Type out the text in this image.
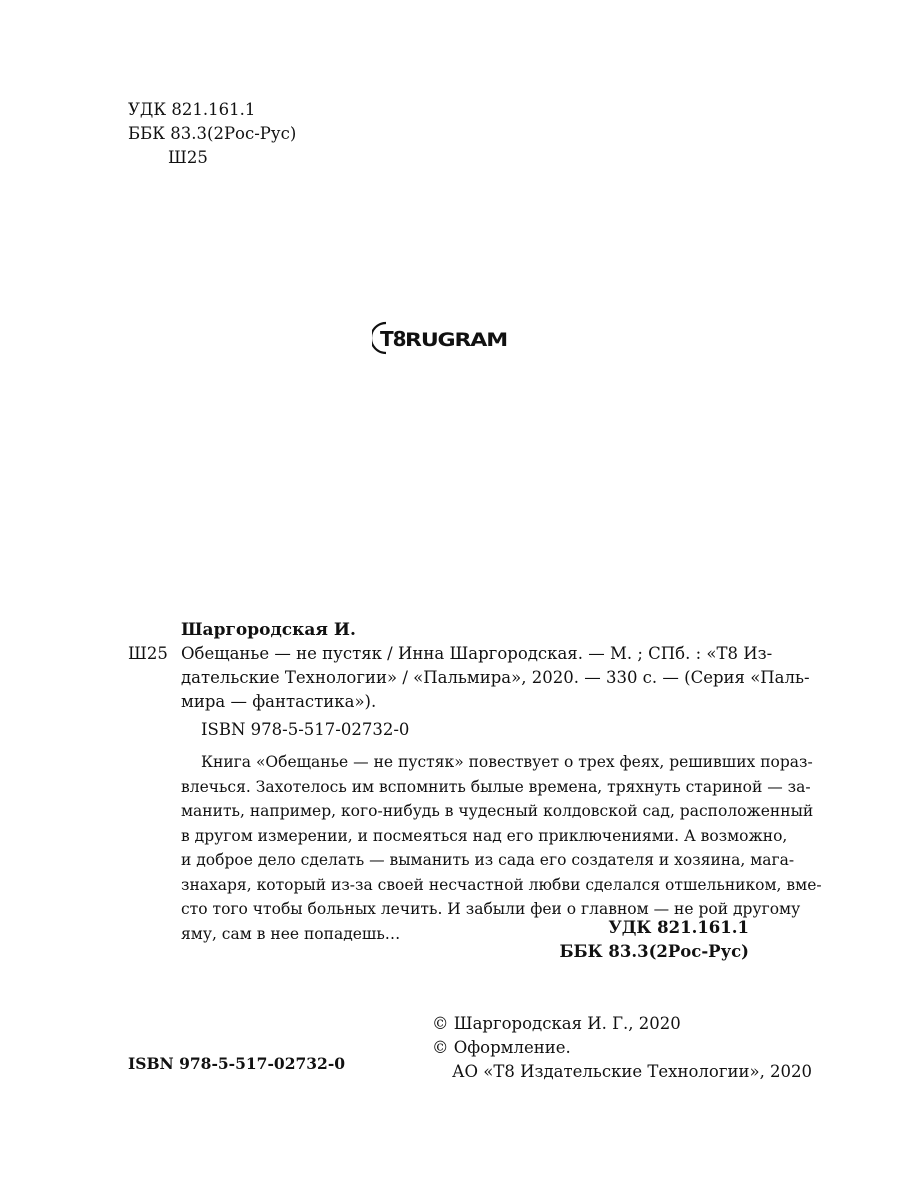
УДК 821.161.1
ББК 83.3(2Рос-Рус)
Ш25
T8 RUGRAM
Шаргородская И.
Ш25 Обещанье — не пустяк / Инна Шаргородская. — М. ; СПб. : «Т8 Из-
дательские Технологии» / «Пальмира», 2020. — 330 с. — (Серия «Паль-
мира — фантастика»).
ISBN 978-5-517-02732-0
Книга «Обещанье — не пустяк» повествует о трех феях, решивших пораз-
влечься. Захотелось им вспомнить былые времена, тряхнуть стариной — за-
манить, например, кого-нибудь в чудесный колдовской сад, расположенный
в другом измерении, и посмеяться над его приключениями. А возможно,
и доброе дело сделать — выманить из сада его создателя и хозяина, мага-
знахаря, который из-за своей несчастной любви сделался отшельником, вме-
сто того чтобы больных лечить. И забыли феи о главном — не рой другому
яму, сам в нее попадешь…	УДК 821.161.1
ББК 83.3(2Рос-Рус)
© Шаргородская И. Г., 2020
© Оформление.
АО «Т8 Издательские Технологии», 2020
ISBN 978-5-517-02732-0
